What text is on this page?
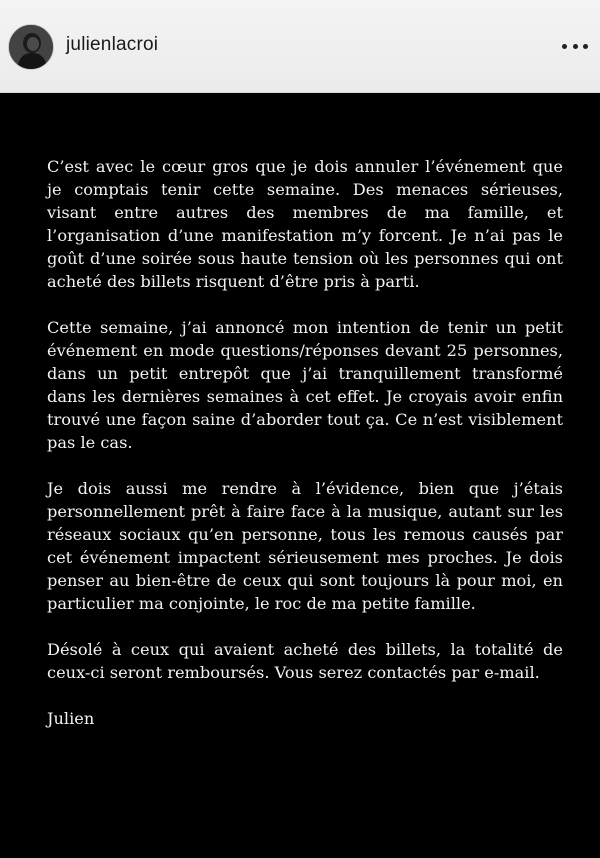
julienlacroi

C’est avec le cœur gros que je dois annuler l’événement que je comptais tenir cette semaine. Des menaces sérieuses, visant entre autres des membres de ma famille, et l’organisation d’une manifestation m’y forcent. Je n’ai pas le goût d’une soirée sous haute tension où les personnes qui ont acheté des billets risquent d’être pris à parti.

Cette semaine, j’ai annoncé mon intention de tenir un petit événement en mode questions/réponses devant 25 personnes, dans un petit entrepôt que j’ai tranquillement transformé dans les dernières semaines à cet effet. Je croyais avoir enfin trouvé une façon saine d’aborder tout ça. Ce n’est visiblement pas le cas.

Je dois aussi me rendre à l’évidence, bien que j’étais personnellement prêt à faire face à la musique, autant sur les réseaux sociaux qu’en personne, tous les remous causés par cet événement impactent sérieusement mes proches. Je dois penser au bien-être de ceux qui sont toujours là pour moi, en particulier ma conjointe, le roc de ma petite famille.

Désolé à ceux qui avaient acheté des billets, la totalité de ceux-ci seront remboursés. Vous serez contactés par e-mail.

Julien
